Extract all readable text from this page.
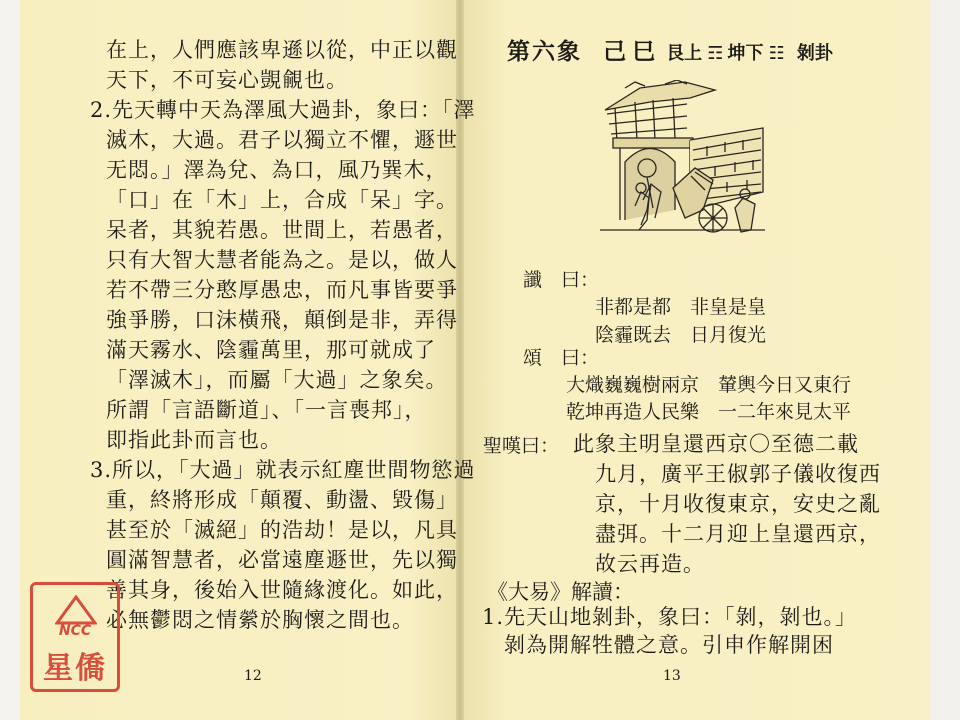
在上，人們應該卑遜以從，中正以觀

天下，不可妄心覬覦也。

2.先天轉中天為澤風大過卦，象曰：「澤

滅木，大過。君子以獨立不懼，遯世

无悶。」澤為兌、為口，風乃巽木，

「口」在「木」上，合成「呆」字。

呆者，其貌若愚。世間上，若愚者，

只有大智大慧者能為之。是以，做人

若不帶三分憨厚愚忠，而凡事皆要爭

強爭勝，口沫橫飛，顛倒是非，弄得

滿天霧水、陰霾萬里，那可就成了

「澤滅木」，而屬「大過」之象矣。

所謂「言語斷道」、「一言喪邦」，

即指此卦而言也。

3.所以，「大過」就表示紅塵世間物慾過

重，終將形成「顛覆、動盪、毀傷」

甚至於「滅絕」的浩劫！是以，凡具

圓滿智慧者，必當遠塵遯世，先以獨

善其身，後始入世隨緣渡化。如此，

必無鬱悶之情縈於胸懷之間也。

12
第六象 己巳 艮上 ☶ 坤下 ☷ 剝卦
讖　曰：
非都是都　非皇是皇
陰霾既去　日月復光
頌　曰：
大熾巍巍樹兩京　輦輿今日又東行
乾坤再造人民樂　一二年來見太平
聖嘆曰：

此象主明皇還西京〇至德二載

九月，廣平王俶郭子儀收復西

京，十月收復東京，安史之亂

盡弭。十二月迎上皇還西京，

故云再造。

《大易》解讀：

1.先天山地剝卦，象曰：「剝，剝也。」

剝為開解牲體之意。引申作解開困

13
NCC
星僑
